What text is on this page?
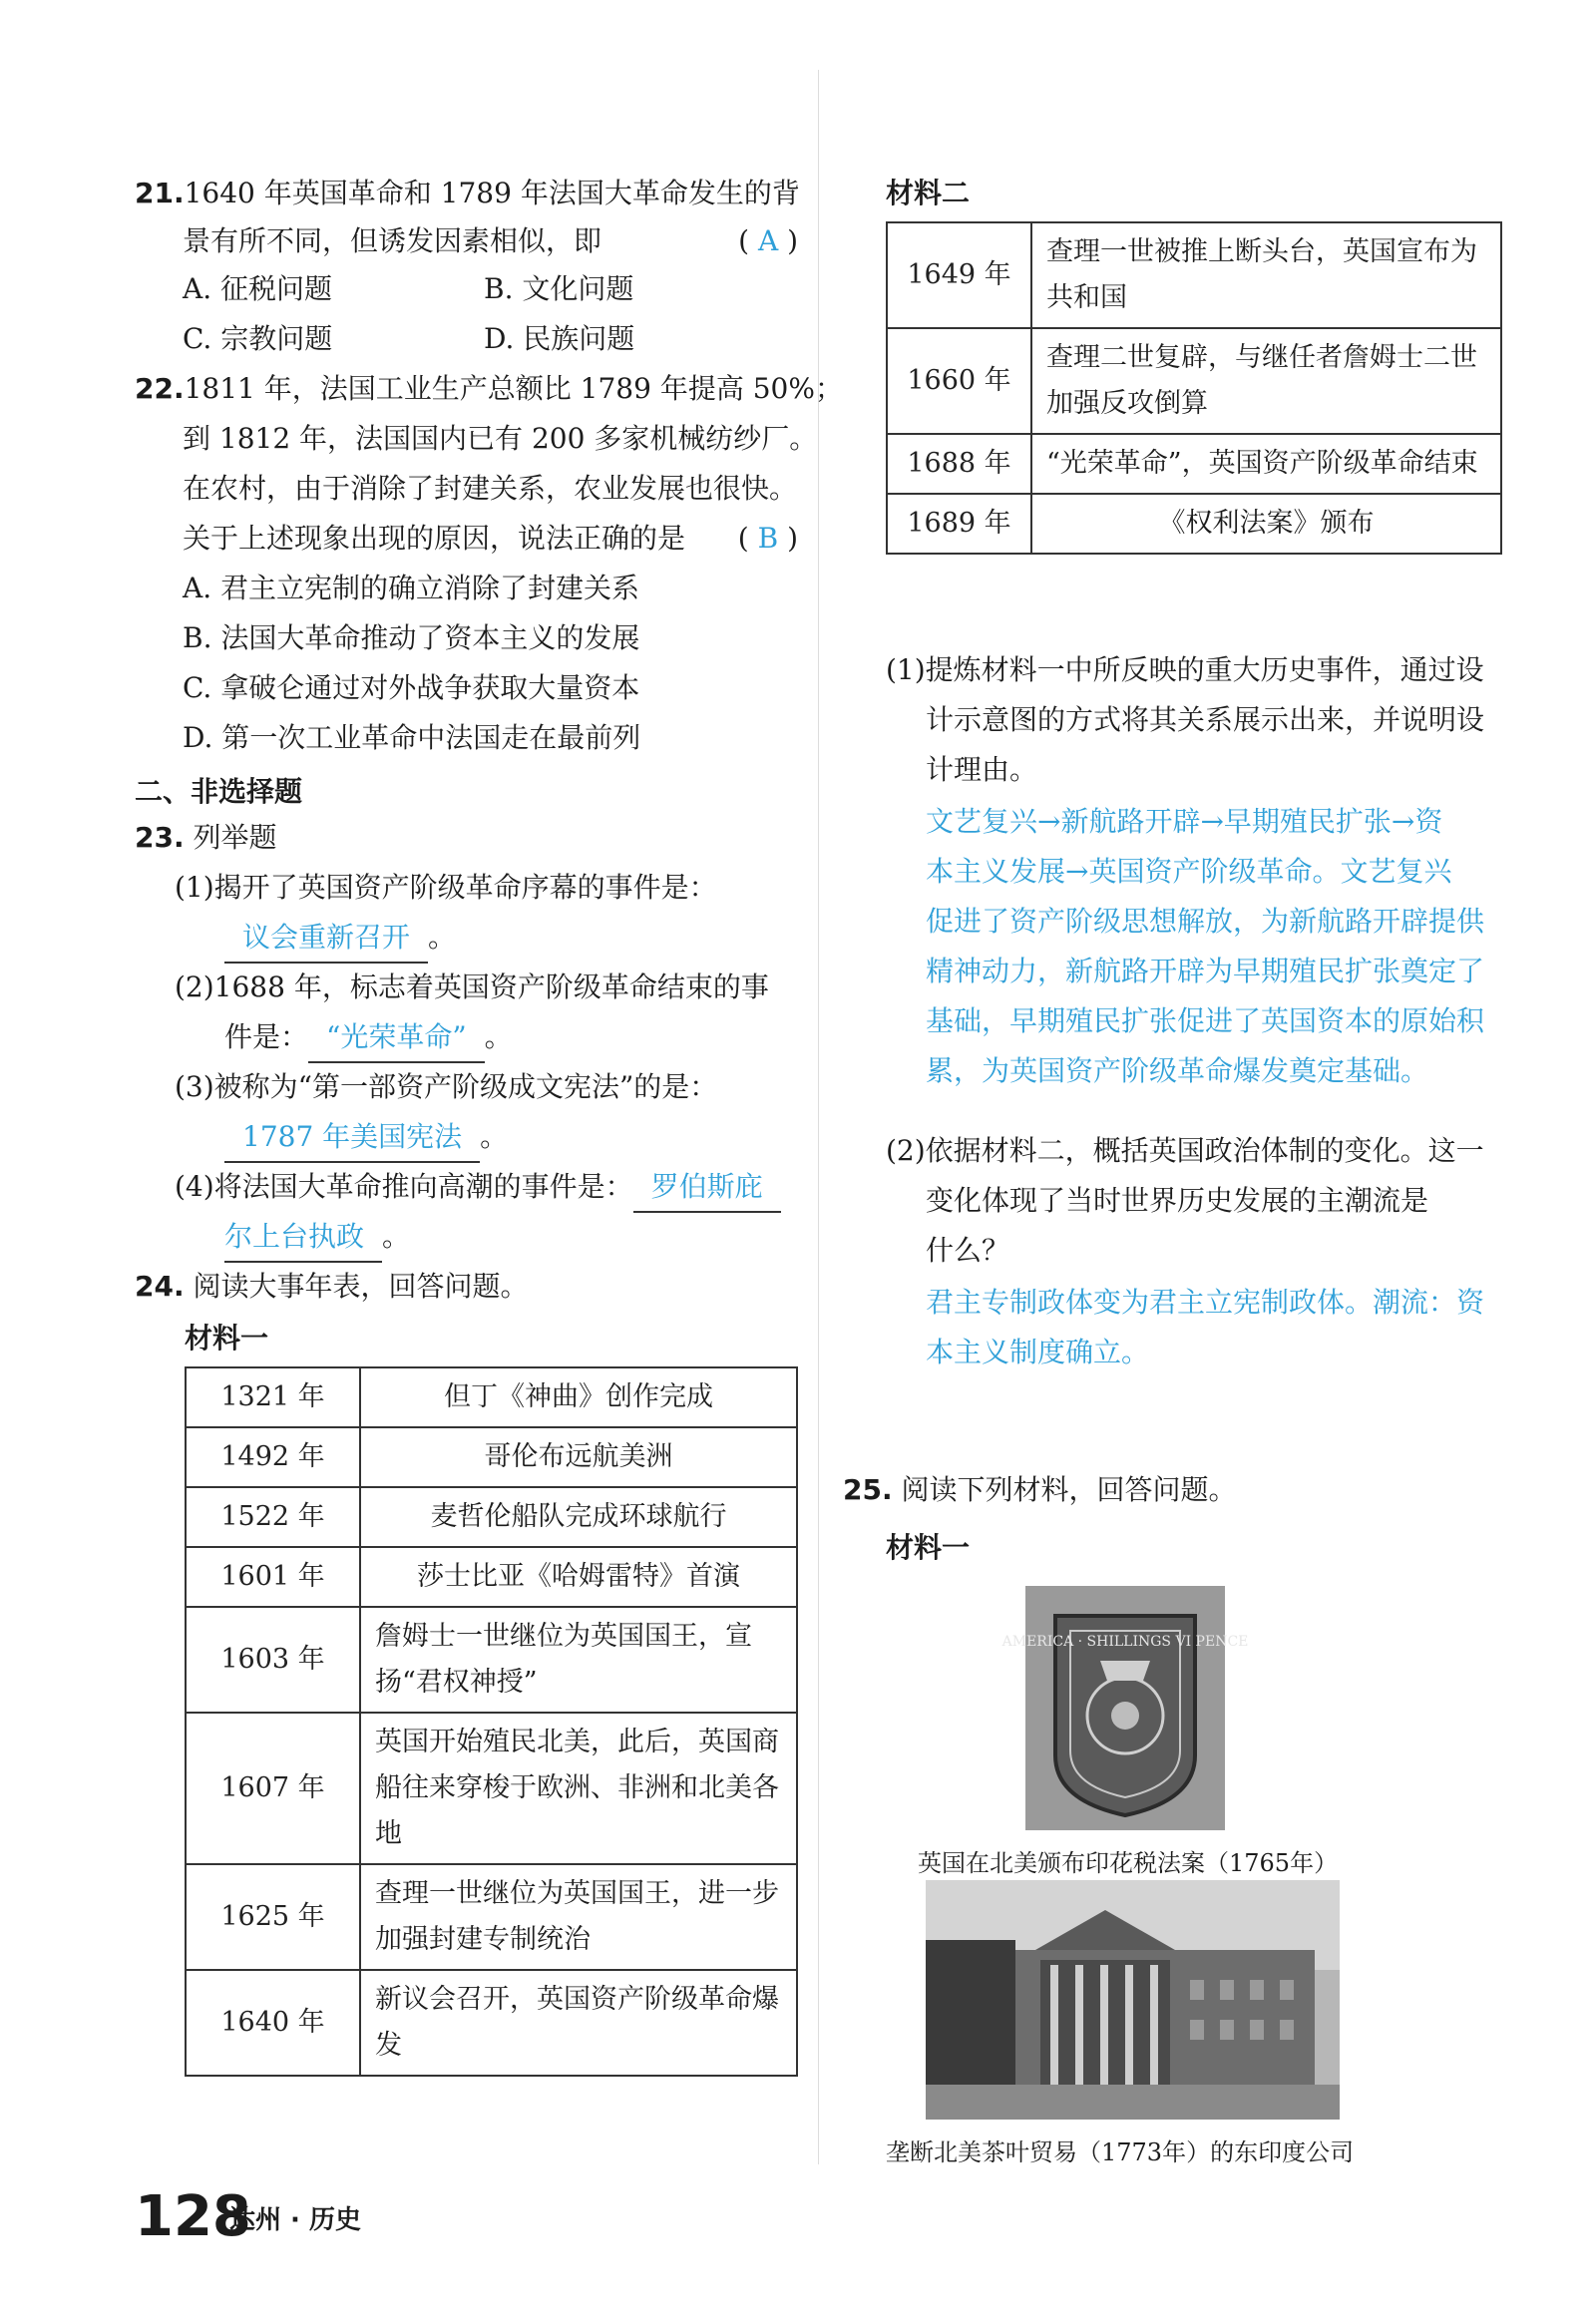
21.1640 年英国革命和 1789 年法国大革命发生的背
景有所不同，但诱发因素相似，即	( A )
A. 征税问题	B. 文化问题
C. 宗教问题	D. 民族问题
22.1811 年，法国工业生产总额比 1789 年提高 50%；
到 1812 年，法国国内已有 200 多家机械纺纱厂。
在农村，由于消除了封建关系，农业发展也很快。
关于上述现象出现的原因，说法正确的是 ( B )
A. 君主立宪制的确立消除了封建关系
B. 法国大革命推动了资本主义的发展
C. 拿破仑通过对外战争获取大量资本
D. 第一次工业革命中法国走在最前列
二、非选择题
23. 列举题
(1)揭开了英国资产阶级革命序幕的事件是：
议会重新召开 。
(2)1688 年，标志着英国资产阶级革命结束的事
件是： “光荣革命” 。
(3)被称为“第一部资产阶级成文宪法”的是：
1787 年美国宪法 。
(4)将法国大革命推向高潮的事件是： 罗伯斯庇
尔上台执政 。
24. 阅读大事年表，回答问题。
材料一
1321 年	但丁《神曲》创作完成
1492 年	哥伦布远航美洲
1522 年	麦哲伦船队完成环球航行
1601 年	莎士比亚《哈姆雷特》首演
1603 年	詹姆士一世继位为英国国王，宣扬“君权神授”
1607 年	英国开始殖民北美，此后，英国商船往来穿梭于欧洲、非洲和北美各地
1625 年	查理一世继位为英国国王，进一步加强封建专制统治
1640 年	新议会召开，英国资产阶级革命爆发
材料二
1649 年	查理一世被推上断头台，英国宣布为共和国
1660 年	查理二世复辟，与继任者詹姆士二世加强反攻倒算
1688 年	“光荣革命”，英国资产阶级革命结束
1689 年	《权利法案》颁布
(1)提炼材料一中所反映的重大历史事件，通过设
计示意图的方式将其关系展示出来，并说明设
计理由。
文艺复兴→新航路开辟→早期殖民扩张→资
本主义发展→英国资产阶级革命。文艺复兴
促进了资产阶级思想解放，为新航路开辟提供
精神动力，新航路开辟为早期殖民扩张奠定了
基础，早期殖民扩张促进了英国资本的原始积
累，为英国资产阶级革命爆发奠定基础。
(2)依据材料二，概括英国政治体制的变化。这一
变化体现了当时世界历史发展的主潮流是
什么？
君主专制政体变为君主立宪制政体。潮流：资
本主义制度确立。
25. 阅读下列材料，回答问题。
材料一
AMERICA · SHILLINGS VI PENCE
英国在北美颁布印花税法案（1765年）
垄断北美茶叶贸易（1773年）的东印度公司
128
达州 · 历史
